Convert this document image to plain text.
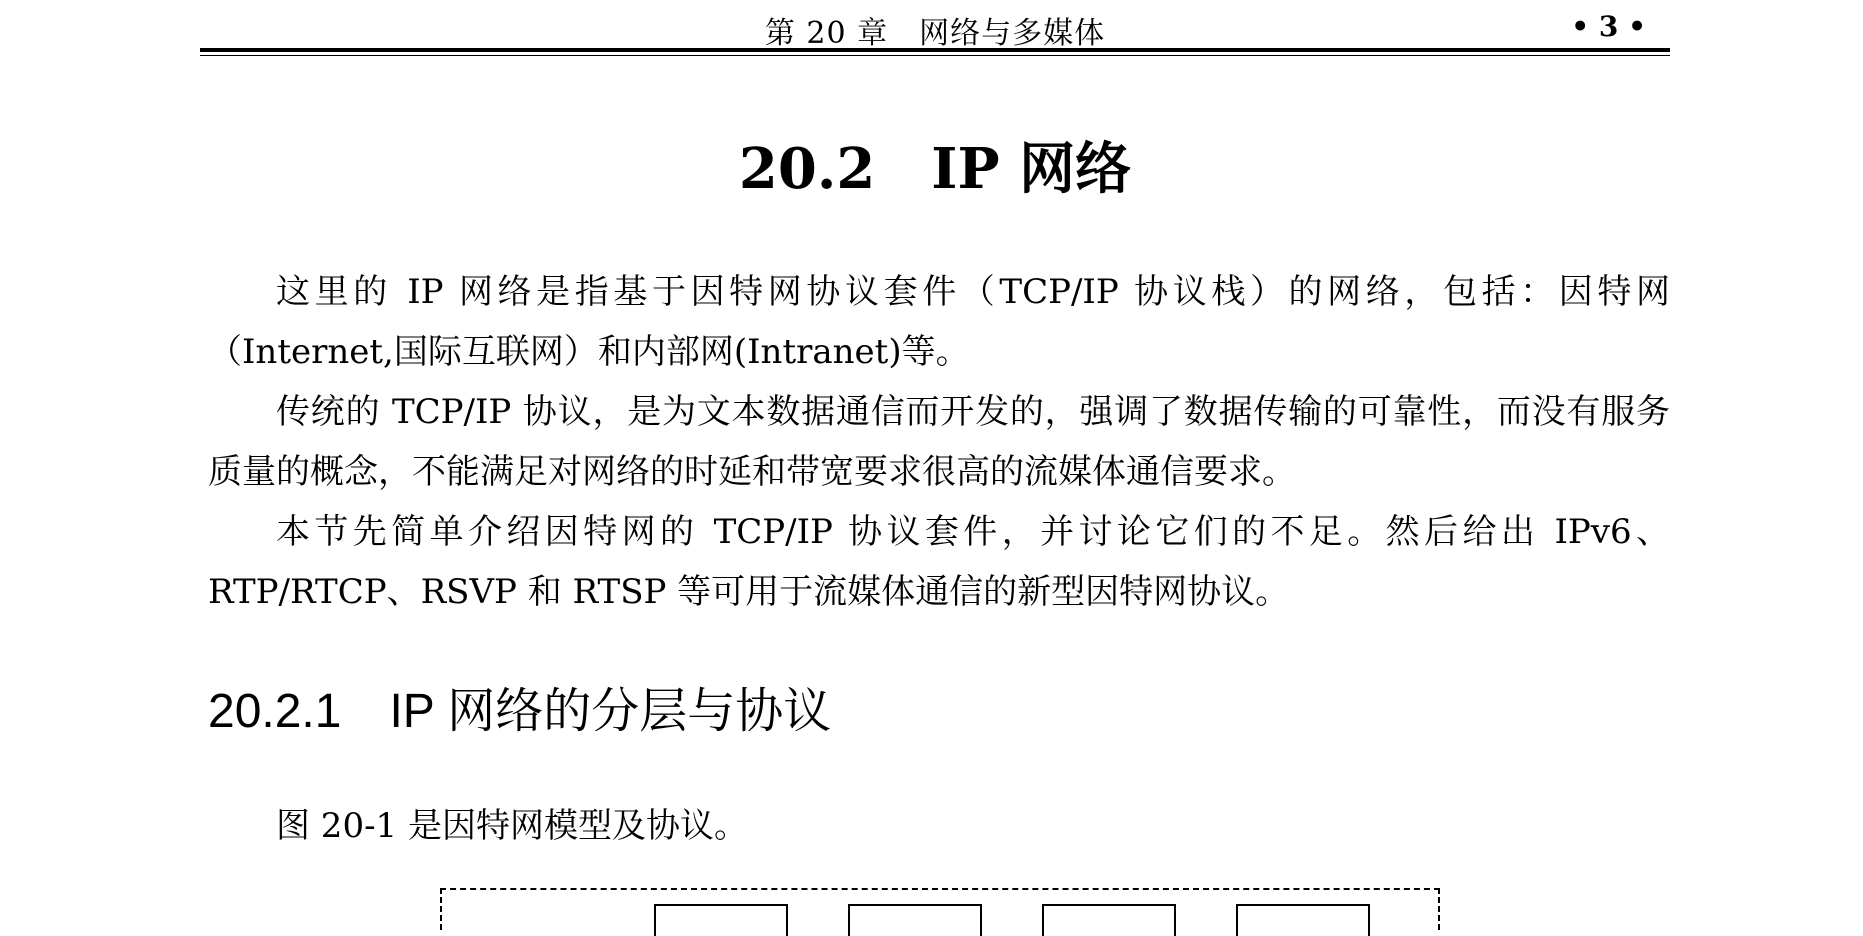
第 20 章　网络与多媒体	• 3 •
20.2　IP 网络

这里的 IP 网络是指基于因特网协议套件（TCP/IP 协议栈）的网络，包括：因特网（Internet,国际互联网）和内部网(Intranet)等。

传统的 TCP/IP 协议，是为文本数据通信而开发的，强调了数据传输的可靠性，而没有服务质量的概念，不能满足对网络的时延和带宽要求很高的流媒体通信要求。

本节先简单介绍因特网的 TCP/IP 协议套件，并讨论它们的不足。然后给出 IPv6、RTP/RTCP、RSVP 和 RTSP 等可用于流媒体通信的新型因特网协议。

20.2.1　IP 网络的分层与协议

图 20-1 是因特网模型及协议。
